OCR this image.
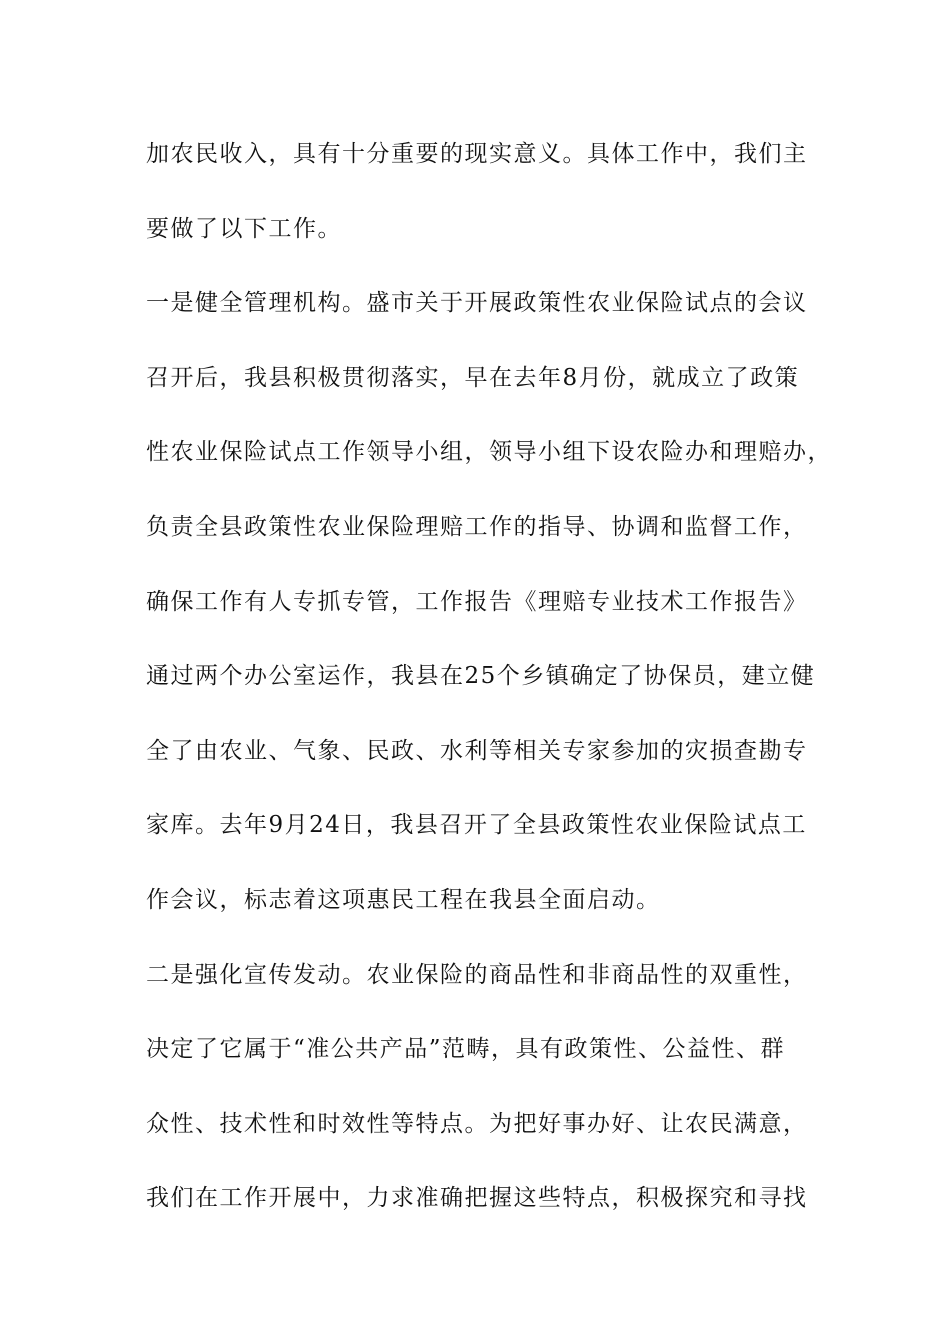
加农民收入，具有十分重要的现实意义。具体工作中，我们主
要做了以下工作。
一是健全管理机构。盛市关于开展政策性农业保险试点的会议
召开后，我县积极贯彻落实，早在去年8月份，就成立了政策
性农业保险试点工作领导小组，领导小组下设农险办和理赔办，
负责全县政策性农业保险理赔工作的指导、协调和监督工作，
确保工作有人专抓专管，工作报告《理赔专业技术工作报告》
通过两个办公室运作，我县在25个乡镇确定了协保员，建立健
全了由农业、气象、民政、水利等相关专家参加的灾损查勘专
家库。去年9月24日，我县召开了全县政策性农业保险试点工
作会议，标志着这项惠民工程在我县全面启动。
二是强化宣传发动。农业保险的商品性和非商品性的双重性，
决定了它属于“准公共产品”范畴，具有政策性、公益性、群
众性、技术性和时效性等特点。为把好事办好、让农民满意，
我们在工作开展中，力求准确把握这些特点，积极探究和寻找
